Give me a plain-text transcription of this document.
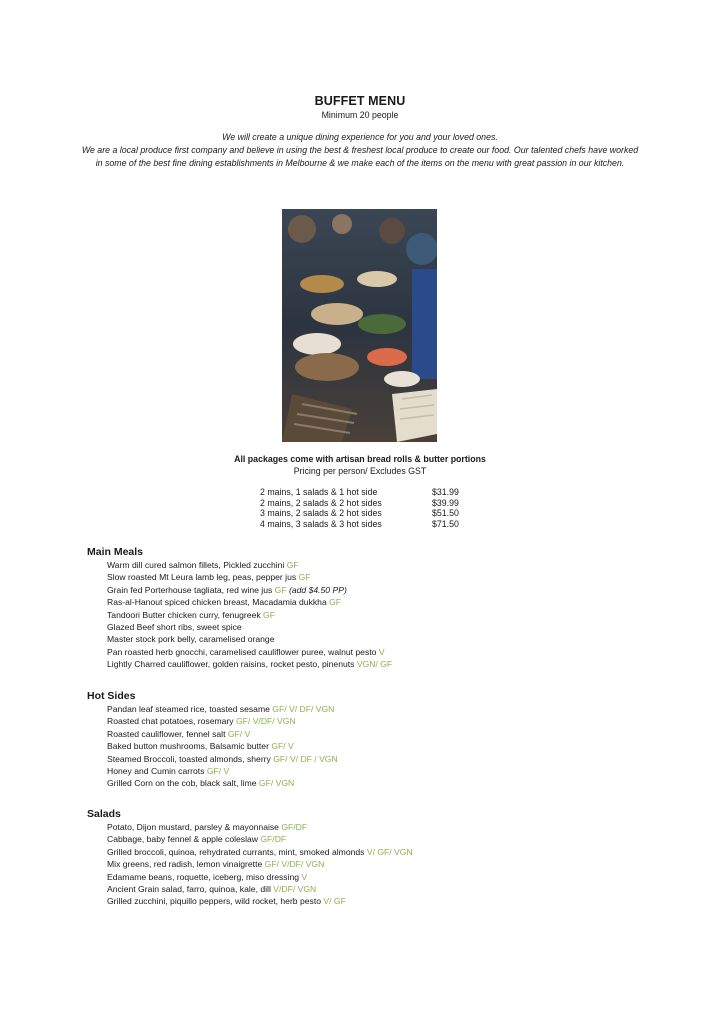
BUFFET MENU
Minimum 20 people

We will create a unique dining experience for you and your loved ones.

We are a local produce first company and believe in using the best & freshest local produce to create our food. Our talented chefs have worked in some of the best fine dining establishments in Melbourne & we make each of the items on the menu with great passion in our kitchen.

All packages come with artisan bread rolls & butter portions
Pricing per person/ Excludes GST
2 mains, 1 salads & 1 hot side	$31.99
2 mains, 2 salads & 2 hot sides	$39.99
3 mains, 2 salads & 2 hot sides	$51.50
4 mains, 3 salads & 3 hot sides	$71.50
Main Meals
Warm dill cured salmon fillets, Pickled zucchini GF
Slow roasted Mt Leura lamb leg, peas, pepper jus GF
Grain fed Porterhouse tagliata, red wine jus GF (add $4.50 PP)
Ras-al-Hanout spiced chicken breast, Macadamia dukkha GF
Tandoori Butter chicken curry, fenugreek GF
Glazed Beef short ribs, sweet spice
Master stock pork belly, caramelised orange
Pan roasted herb gnocchi, caramelised cauliflower puree, walnut pesto V
Lightly Charred cauliflower, golden raisins, rocket pesto, pinenuts VGN/ GF
Hot Sides
Pandan leaf steamed rice, toasted sesame GF/ V/ DF/ VGN
Roasted chat potatoes, rosemary GF/ V/DF/ VGN
Roasted cauliflower, fennel salt GF/ V
Baked button mushrooms, Balsamic butter GF/ V
Steamed Broccoli, toasted almonds, sherry GF/ V/ DF / VGN
Honey and Cumin carrots GF/ V
Grilled Corn on the cob, black salt, lime GF/ VGN
Salads
Potato, Dijon mustard, parsley & mayonnaise GF/DF
Cabbage, baby fennel & apple coleslaw GF/DF
Grilled broccoli, quinoa, rehydrated currants, mint, smoked almonds V/ GF/ VGN
Mix greens, red radish, lemon vinaigrette GF/ V/DF/ VGN
Edamame beans, roquette, iceberg, miso dressing V
Ancient Grain salad, farro, quinoa, kale, dill V/DF/ VGN
Grilled zucchini, piquillo peppers, wild rocket, herb pesto V/ GF
